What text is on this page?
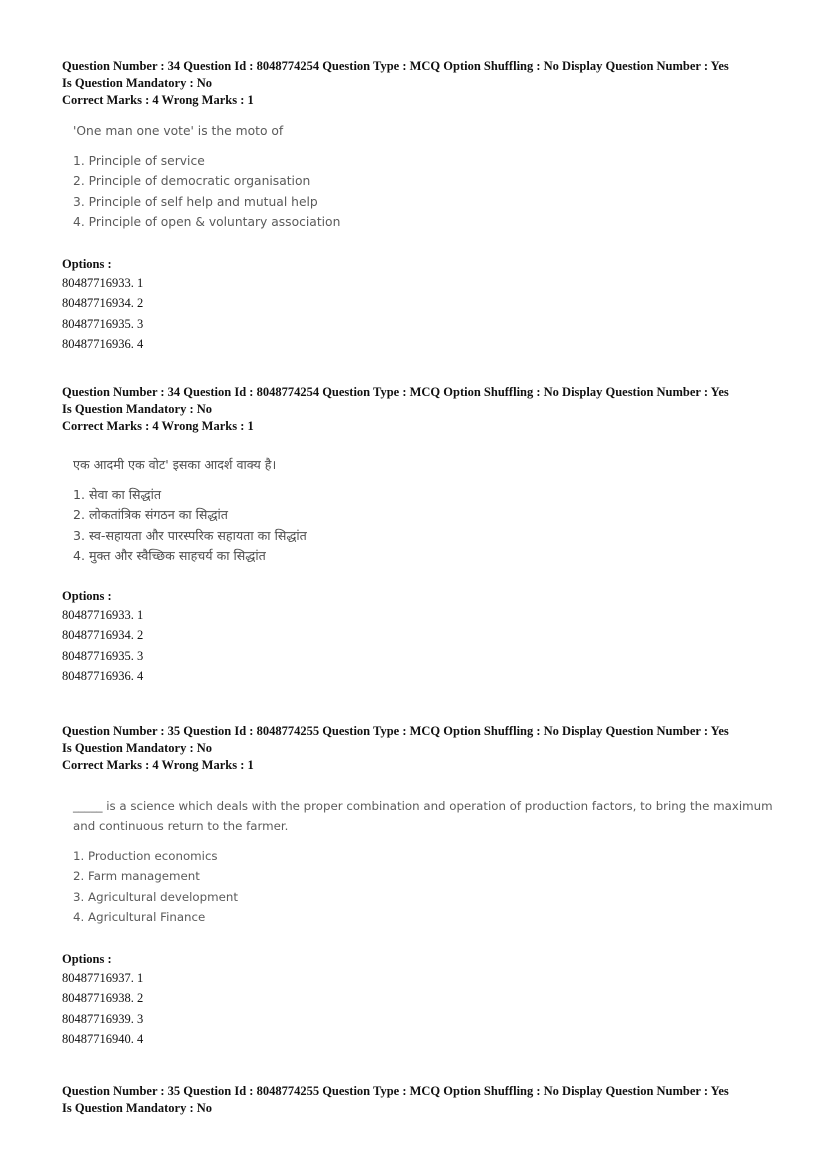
Question Number : 34 Question Id : 8048774254 Question Type : MCQ Option Shuffling : No Display Question Number : Yes
Is Question Mandatory : No
Correct Marks : 4 Wrong Marks : 1
'One man one vote' is the moto of
1. Principle of service
2. Principle of democratic organisation
3. Principle of self help and mutual help
4. Principle of open & voluntary association
Options :
80487716933. 1
80487716934. 2
80487716935. 3
80487716936. 4
Question Number : 34 Question Id : 8048774254 Question Type : MCQ Option Shuffling : No Display Question Number : Yes
Is Question Mandatory : No
Correct Marks : 4 Wrong Marks : 1
एक आदमी एक वोट' इसका आदर्श वाक्य है।
1. सेवा का सिद्धांत
2. लोकतांत्रिक संगठन का सिद्धांत
3. स्व-सहायता और पारस्परिक सहायता का सिद्धांत
4. मुक्त और स्वैच्छिक साहचर्य का सिद्धांत
Options :
80487716933. 1
80487716934. 2
80487716935. 3
80487716936. 4
Question Number : 35 Question Id : 8048774255 Question Type : MCQ Option Shuffling : No Display Question Number : Yes
Is Question Mandatory : No
Correct Marks : 4 Wrong Marks : 1
_____ is a science which deals with the proper combination and operation of production factors, to bring the maximum
and continuous return to the farmer.
1. Production economics
2. Farm management
3. Agricultural development
4. Agricultural Finance
Options :
80487716937. 1
80487716938. 2
80487716939. 3
80487716940. 4
Question Number : 35 Question Id : 8048774255 Question Type : MCQ Option Shuffling : No Display Question Number : Yes
Is Question Mandatory : No
